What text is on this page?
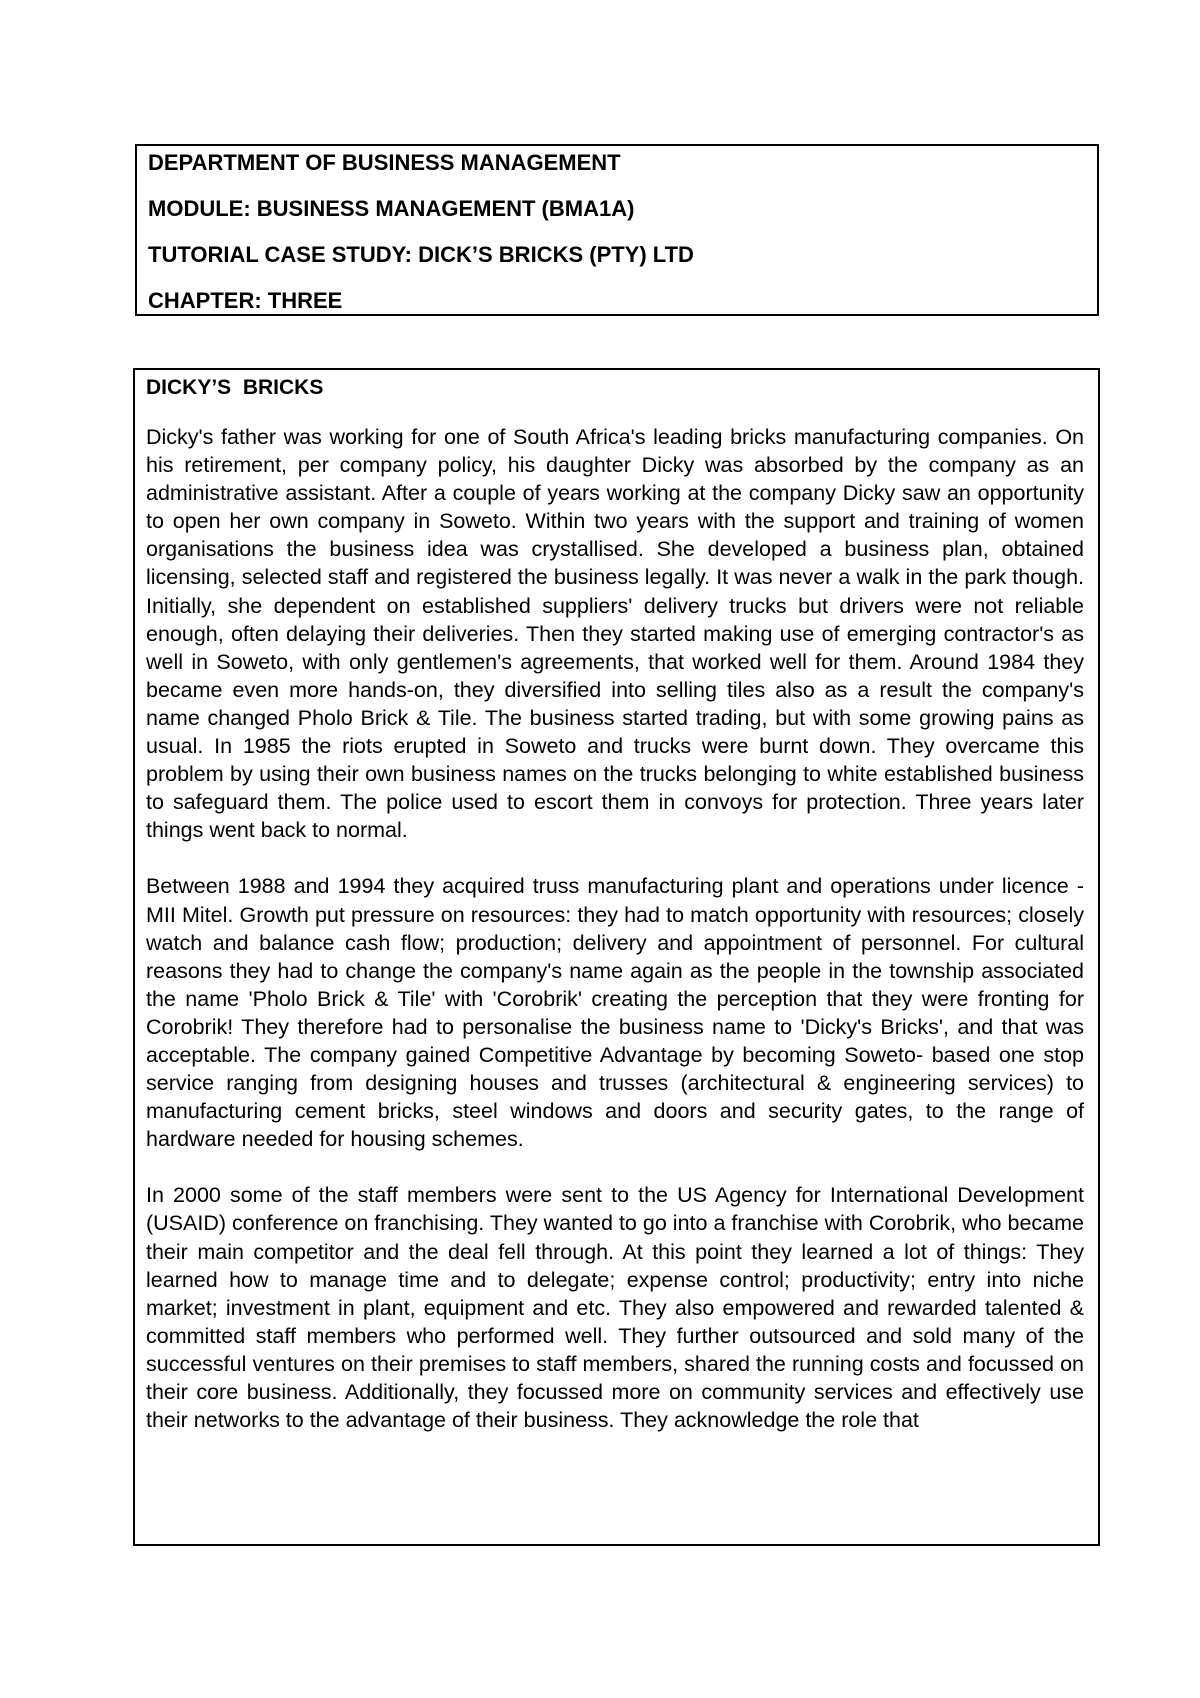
DEPARTMENT OF BUSINESS MANAGEMENT
MODULE: BUSINESS MANAGEMENT (BMA1A)
TUTORIAL CASE STUDY: DICK’S BRICKS (PTY) LTD
CHAPTER: THREE
DICKY’S  BRICKS

Dicky's father was working for one of South Africa's leading bricks manufacturing companies. On his retirement, per company policy, his daughter Dicky was absorbed by the company as an administrative assistant. After a couple of years working at the company Dicky saw an opportunity to open her own company in Soweto. Within two years with the support and training of women organisations the business idea was crystallised. She developed a business plan, obtained licensing, selected staff and registered the business legally. It was never a walk in the park though. Initially, she dependent on established suppliers' delivery trucks but drivers were not reliable enough, often delaying their deliveries. Then they started making use of emerging contractor's as well in Soweto, with only gentlemen's agreements, that worked well for them. Around 1984 they became even more hands-on, they diversified into selling tiles also as a result the company's name changed Pholo Brick & Tile. The business started trading, but with some growing pains as usual. In 1985 the riots erupted in Soweto and trucks were burnt down. They overcame this problem by using their own business names on the trucks belonging to white established business to safeguard them. The police used to escort them in convoys for protection. Three years later things went back to normal.

Between 1988 and 1994 they acquired truss manufacturing plant and operations under licence - MII Mitel. Growth put pressure on resources: they had to match opportunity with resources; closely watch and balance cash flow; production; delivery and appointment of personnel. For cultural reasons they had to change the company's name again as the people in the township associated the name 'Pholo Brick & Tile' with 'Corobrik' creating the perception that they were fronting for Corobrik! They therefore had to personalise the business name to 'Dicky's Bricks', and that was acceptable. The company gained Competitive Advantage by becoming Soweto- based one stop service ranging from designing houses and trusses (architectural & engineering services) to manufacturing cement bricks, steel windows and doors and security gates, to the range of hardware needed for housing schemes.

In 2000 some of the staff members were sent to the US Agency for International Development (USAID) conference on franchising. They wanted to go into a franchise with Corobrik, who became their main competitor and the deal fell through. At this point they learned a lot of things: They learned how to manage time and to delegate; expense control; productivity; entry into niche market; investment in plant, equipment and etc. They also empowered and rewarded talented & committed staff members who performed well. They further outsourced and sold many of the successful ventures on their premises to staff members, shared the running costs and focussed on their core business. Additionally, they focussed more on community services and effectively use their networks to the advantage of their business. They acknowledge the role that
